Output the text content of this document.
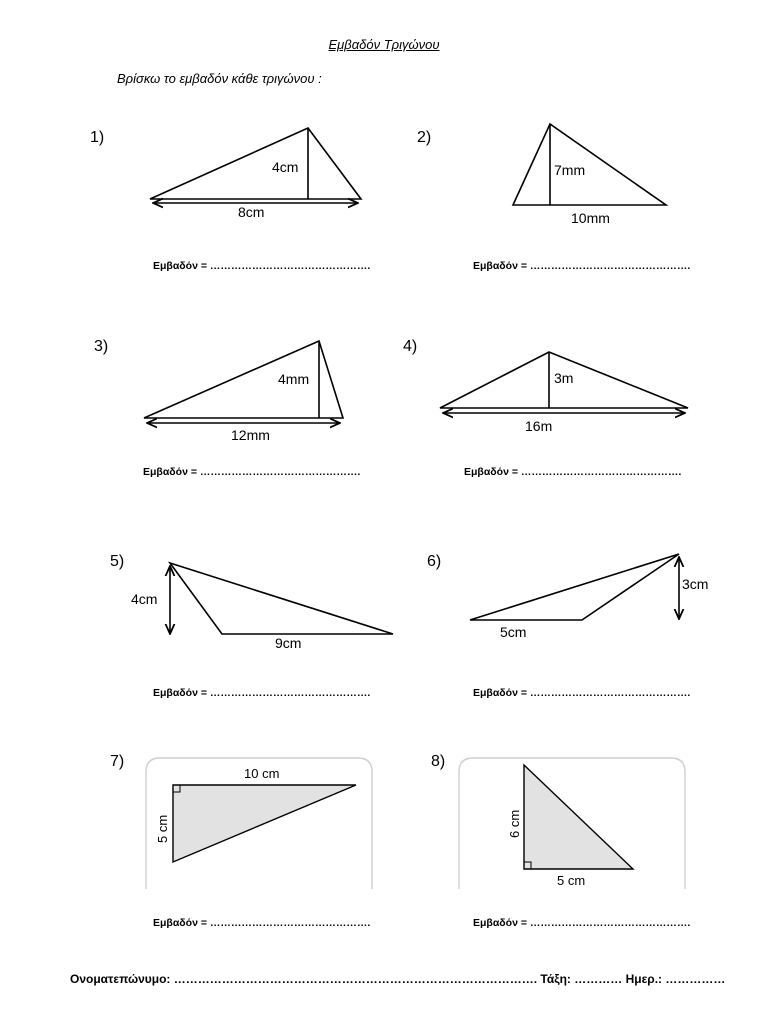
Εμβαδόν Τριγώνου
Βρίσκω το εμβαδόν κάθε τριγώνου :
1)	2)
3)	4)
5)	6)
7)	8)
Εμβαδόν = ……………………………………….	Εμβαδόν = ……………………………………….
Εμβαδόν = ……………………………………….	Εμβαδόν = ……………………………………….
Εμβαδόν = ……………………………………….	Εμβαδόν = ……………………………………….
Εμβαδόν = ……………………………………….	Εμβαδόν = ……………………………………….
Ονοματεπώνυμο: ………………………………………………………………………………. Τάξη: ………… Ημερ.: ……………
8cm
4cm
10mm
7mm
12mm
4mm
16m
3m
9cm
4cm
5cm
3cm
10 cm
5 cm
5 cm
6 cm
